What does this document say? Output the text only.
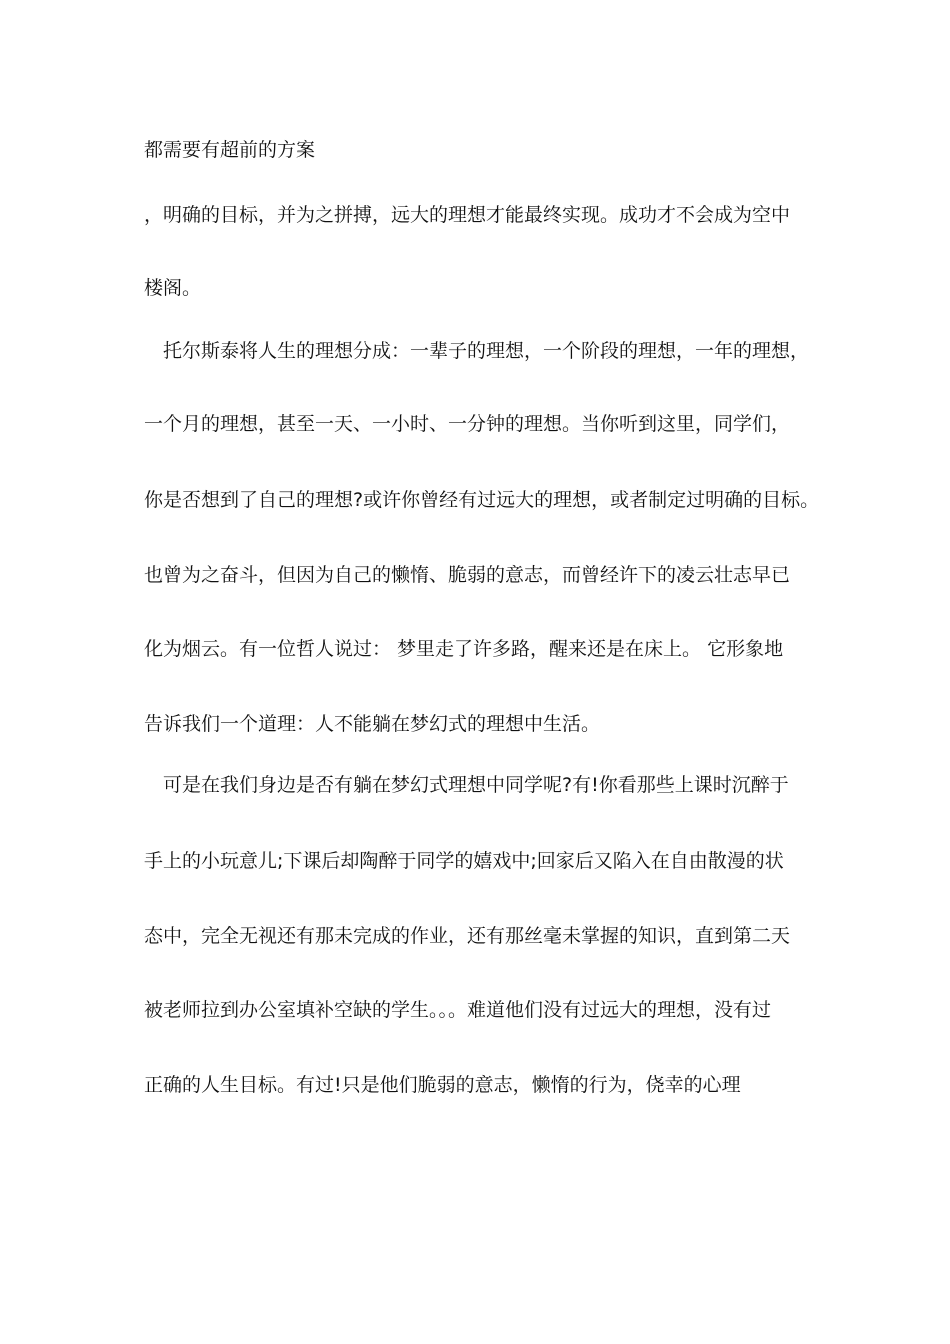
都需要有超前的方案
，明确的目标，并为之拼搏，远大的理想才能最终实现。成功才不会成为空中
楼阁。
托尔斯泰将人生的理想分成：一辈子的理想，一个阶段的理想，一年的理想，
一个月的理想，甚至一天、一小时、一分钟的理想。当你听到这里，同学们，
你是否想到了自己的理想?或许你曾经有过远大的理想，或者制定过明确的目标。
也曾为之奋斗，但因为自己的懒惰、脆弱的意志，而曾经许下的凌云壮志早已
化为烟云。有一位哲人说过： 梦里走了许多路，醒来还是在床上。 它形象地
告诉我们一个道理：人不能躺在梦幻式的理想中生活。
可是在我们身边是否有躺在梦幻式理想中同学呢?有!你看那些上课时沉醉于
手上的小玩意儿;下课后却陶醉于同学的嬉戏中;回家后又陷入在自由散漫的状
态中，完全无视还有那未完成的作业，还有那丝毫未掌握的知识，直到第二天
被老师拉到办公室填补空缺的学生。。。难道他们没有过远大的理想，没有过
正确的人生目标。有过!只是他们脆弱的意志，懒惰的行为，侥幸的心理
